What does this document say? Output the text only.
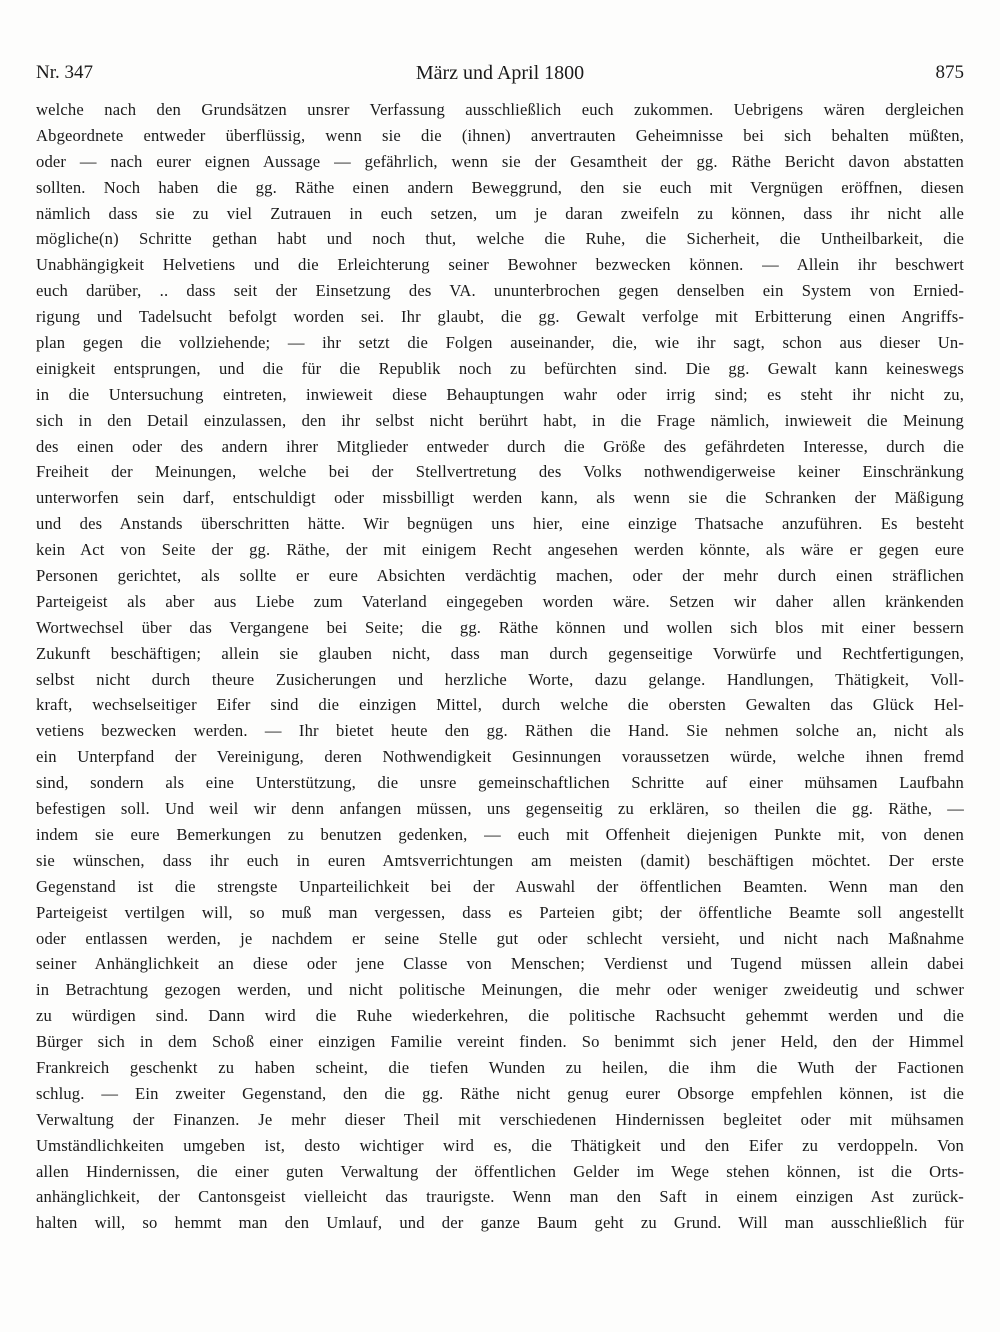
Nr. 347	März und April 1800	875
welche nach den Grundsätzen unsrer Verfassung ausschließlich euch zukommen. Uebrigens wären dergleichen
Abgeordnete entweder überflüssig, wenn sie die (ihnen) anvertrauten Geheimnisse bei sich behalten müßten,
oder — nach eurer eignen Aussage — gefährlich, wenn sie der Gesamtheit der gg. Räthe Bericht davon abstatten
sollten. Noch haben die gg. Räthe einen andern Beweggrund, den sie euch mit Vergnügen eröffnen, diesen
nämlich dass sie zu viel Zutrauen in euch setzen, um je daran zweifeln zu können, dass ihr nicht alle
mögliche(n) Schritte gethan habt und noch thut, welche die Ruhe, die Sicherheit, die Untheilbarkeit, die
Unabhängigkeit Helvetiens und die Erleichterung seiner Bewohner bezwecken können. — Allein ihr beschwert
euch darüber, .. dass seit der Einsetzung des VA. ununterbrochen gegen denselben ein System von Ernied-
rigung und Tadelsucht befolgt worden sei. Ihr glaubt, die gg. Gewalt verfolge mit Erbitterung einen Angriffs-
plan gegen die vollziehende; — ihr setzt die Folgen auseinander, die, wie ihr sagt, schon aus dieser Un-
einigkeit entsprungen, und die für die Republik noch zu befürchten sind. Die gg. Gewalt kann keineswegs
in die Untersuchung eintreten, inwieweit diese Behauptungen wahr oder irrig sind; es steht ihr nicht zu,
sich in den Detail einzulassen, den ihr selbst nicht berührt habt, in die Frage nämlich, inwieweit die Meinung
des einen oder des andern ihrer Mitglieder entweder durch die Größe des gefährdeten Interesse, durch die
Freiheit der Meinungen, welche bei der Stellvertretung des Volks nothwendigerweise keiner Einschränkung
unterworfen sein darf, entschuldigt oder missbilligt werden kann, als wenn sie die Schranken der Mäßigung
und des Anstands überschritten hätte. Wir begnügen uns hier, eine einzige Thatsache anzuführen. Es besteht
kein Act von Seite der gg. Räthe, der mit einigem Recht angesehen werden könnte, als wäre er gegen eure
Personen gerichtet, als sollte er eure Absichten verdächtig machen, oder der mehr durch einen sträflichen
Parteigeist als aber aus Liebe zum Vaterland eingegeben worden wäre. Setzen wir daher allen kränkenden
Wortwechsel über das Vergangene bei Seite; die gg. Räthe können und wollen sich blos mit einer bessern
Zukunft beschäftigen; allein sie glauben nicht, dass man durch gegenseitige Vorwürfe und Rechtfertigungen,
selbst nicht durch theure Zusicherungen und herzliche Worte, dazu gelange. Handlungen, Thätigkeit, Voll-
kraft, wechselseitiger Eifer sind die einzigen Mittel, durch welche die obersten Gewalten das Glück Hel-
vetiens bezwecken werden. — Ihr bietet heute den gg. Räthen die Hand. Sie nehmen solche an, nicht als
ein Unterpfand der Vereinigung, deren Nothwendigkeit Gesinnungen voraussetzen würde, welche ihnen fremd
sind, sondern als eine Unterstützung, die unsre gemeinschaftlichen Schritte auf einer mühsamen Laufbahn
befestigen soll. Und weil wir denn anfangen müssen, uns gegenseitig zu erklären, so theilen die gg. Räthe, —
indem sie eure Bemerkungen zu benutzen gedenken, — euch mit Offenheit diejenigen Punkte mit, von denen
sie wünschen, dass ihr euch in euren Amtsverrichtungen am meisten (damit) beschäftigen möchtet. Der erste
Gegenstand ist die strengste Unparteilichkeit bei der Auswahl der öffentlichen Beamten. Wenn man den
Parteigeist vertilgen will, so muß man vergessen, dass es Parteien gibt; der öffentliche Beamte soll angestellt
oder entlassen werden, je nachdem er seine Stelle gut oder schlecht versieht, und nicht nach Maßnahme
seiner Anhänglichkeit an diese oder jene Classe von Menschen; Verdienst und Tugend müssen allein dabei
in Betrachtung gezogen werden, und nicht politische Meinungen, die mehr oder weniger zweideutig und schwer
zu würdigen sind. Dann wird die Ruhe wiederkehren, die politische Rachsucht gehemmt werden und die
Bürger sich in dem Schoß einer einzigen Familie vereint finden. So benimmt sich jener Held, den der Himmel
Frankreich geschenkt zu haben scheint, die tiefen Wunden zu heilen, die ihm die Wuth der Factionen
schlug. — Ein zweiter Gegenstand, den die gg. Räthe nicht genug eurer Obsorge empfehlen können, ist die
Verwaltung der Finanzen. Je mehr dieser Theil mit verschiedenen Hindernissen begleitet oder mit mühsamen
Umständlichkeiten umgeben ist, desto wichtiger wird es, die Thätigkeit und den Eifer zu verdoppeln. Von
allen Hindernissen, die einer guten Verwaltung der öffentlichen Gelder im Wege stehen können, ist die Orts-
anhänglichkeit, der Cantonsgeist vielleicht das traurigste. Wenn man den Saft in einem einzigen Ast zurück-
halten will, so hemmt man den Umlauf, und der ganze Baum geht zu Grund. Will man ausschließlich für
